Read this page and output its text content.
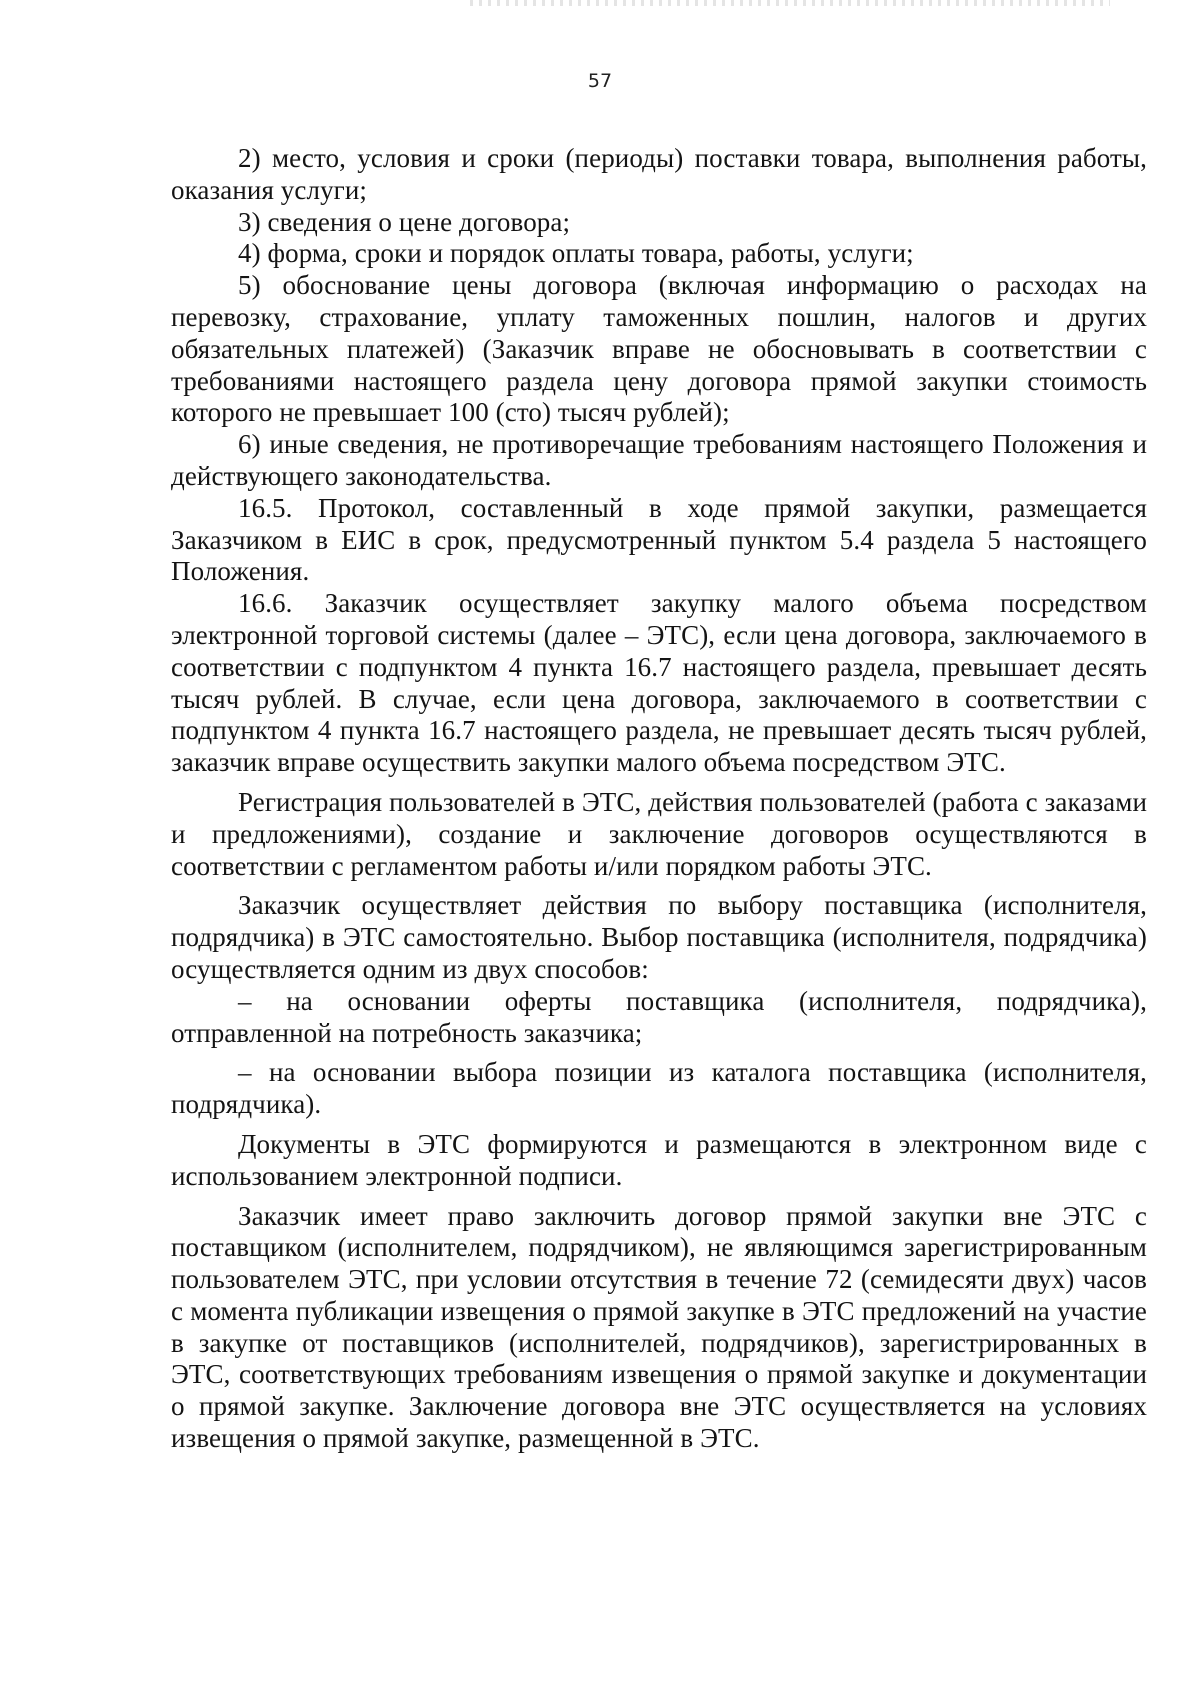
57

2) место, условия и сроки (периоды) поставки товара, выполнения работы, оказания услуги;

3) сведения о цене договора;

4) форма, сроки и порядок оплаты товара, работы, услуги;

5) обоснование цены договора (включая информацию о расходах на перевозку, страхование, уплату таможенных пошлин, налогов и других обязательных платежей) (Заказчик вправе не обосновывать в соответствии с требованиями настоящего раздела цену договора прямой закупки стоимость которого не превышает 100 (сто) тысяч рублей);

6) иные сведения, не противоречащие требованиям настоящего Положения и действующего законодательства.

16.5. Протокол, составленный в ходе прямой закупки, размещается Заказчиком в ЕИС в срок, предусмотренный пунктом 5.4 раздела 5 настоящего Положения.

16.6. Заказчик осуществляет закупку малого объема посредством электронной торговой системы (далее – ЭТС), если цена договора, заключаемого в соответствии с подпунктом 4 пункта 16.7 настоящего раздела, превышает десять тысяч рублей. В случае, если цена договора, заключаемого в соответствии с подпунктом 4 пункта 16.7 настоящего раздела, не превышает десять тысяч рублей, заказчик вправе осуществить закупки малого объема посредством ЭТС.

Регистрация пользователей в ЭТС, действия пользователей (работа с заказами и предложениями), создание и заключение договоров осуществляются в соответствии с регламентом работы и/или порядком работы ЭТС.

Заказчик осуществляет действия по выбору поставщика (исполнителя, подрядчика) в ЭТС самостоятельно. Выбор поставщика (исполнителя, подрядчика) осуществляется одним из двух способов:

– на основании оферты поставщика (исполнителя, подрядчика), отправленной на потребность заказчика;

– на основании выбора позиции из каталога поставщика (исполнителя, подрядчика).

Документы в ЭТС формируются и размещаются в электронном виде с использованием электронной подписи.

Заказчик имеет право заключить договор прямой закупки вне ЭТС с поставщиком (исполнителем, подрядчиком), не являющимся зарегистрированным пользователем ЭТС, при условии отсутствия в течение 72 (семидесяти двух) часов с момента публикации извещения о прямой закупке в ЭТС предложений на участие в закупке от поставщиков (исполнителей, подрядчиков), зарегистрированных в ЭТС, соответствующих требованиям извещения о прямой закупке и документации о прямой закупке. Заключение договора вне ЭТС осуществляется на условиях извещения о прямой закупке, размещенной в ЭТС.
